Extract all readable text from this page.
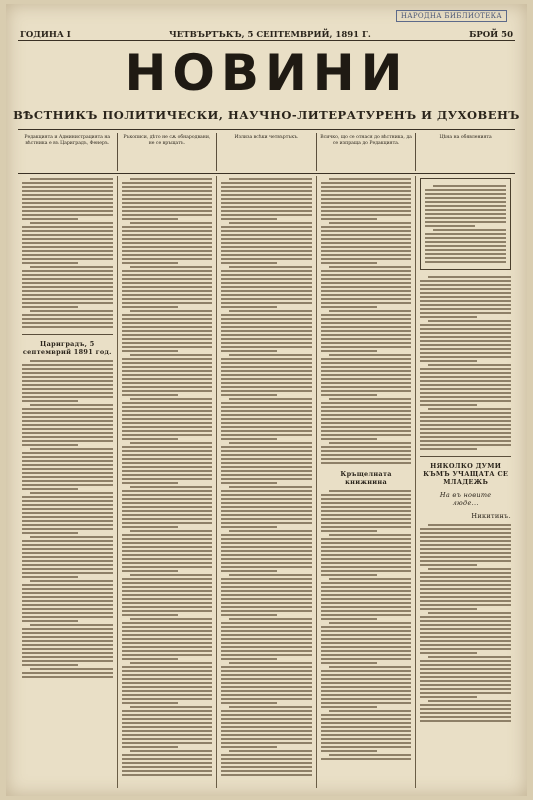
НАРОДНА БИБЛИОТЕКА
ГОДИНА I	ЧЕТВЪРТЪКЪ, 5 СЕПТЕМВРИЙ, 1891 Г.	БРОЙ 50
НОВИНИ
ВѢСТНИКЪ ПОЛИТИЧЕСКИ, НАУЧНО-ЛИТЕРАТУРЕНЪ И ДУХОВЕНЪ
Редакцията и Администрацията на вѣстника е въ Цариградъ, Фенеръ.
Ръкописи, дѣто не сѫ обнародвани, не се връщатъ.
Излиза всѣки четвъртъкъ.	Всичко, що се отнася до вѣстника, да се изпраща до Редакцията.
Цѣна на обявленията
Цариградъ, 5 септемврий 1891 год.
Кръщелната книжнина
НЯКОЛКО ДУМИ КЪМЪ УЧАЩАТА СЕ МЛАДЕЖЬ
На въ новите люде...
Никитинъ.
